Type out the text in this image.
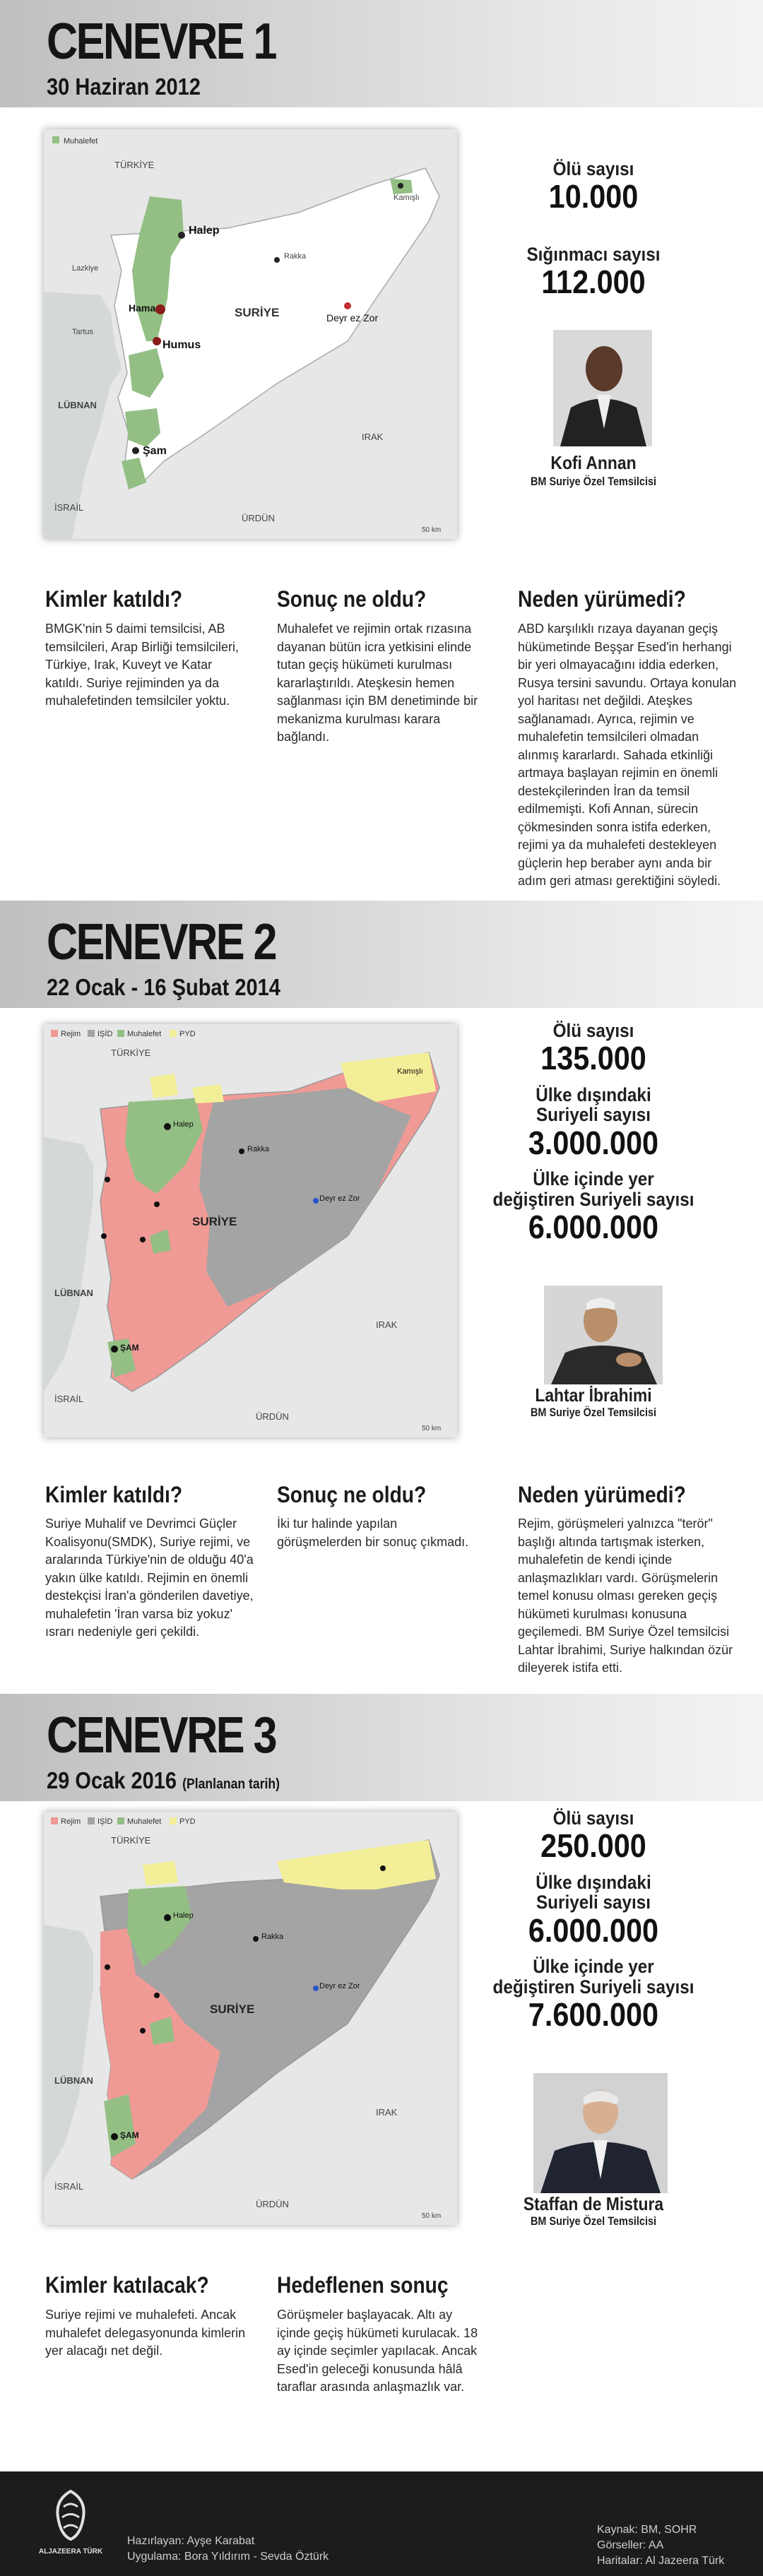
CENEVRE 1
30 Haziran 2012
Muhalefet
TÜRKİYE
SURİYE
LÜBNAN
İSRAİL
IRAK
ÜRDÜN
Halep
Hama
Humus
Şam
Deyr ez Zor
Rakka
Lazkiye
Tartus
Kamışlı
50 km
Ölü sayısı
10.000
Sığınmacı sayısı
112.000
Kofi Annan
BM Suriye Özel Temsilcisi
Kimler katıldı?
BMGK'nin 5 daimi temsilcisi, AB temsilcileri, Arap Birliği temsilcileri, Türkiye, Irak, Kuveyt ve Katar katıldı. Suriye rejiminden ya da muhalefetinden temsilciler yoktu.
Sonuç ne oldu?
Muhalefet ve rejimin ortak rızasına dayanan bütün icra yetkisini elinde tutan geçiş hükümeti kurulması kararlaştırıldı. Ateşkesin hemen sağlanması için BM denetiminde bir mekanizma kurulması karara bağlandı.
Neden yürümedi?
ABD karşılıklı rızaya dayanan geçiş hükümetinde Beşşar Esed'in herhangi bir yeri olmayacağını iddia ederken, Rusya tersini savundu. Ortaya konulan yol haritası net değildi. Ateşkes sağlanamadı. Ayrıca, rejimin ve muhalefetin temsilcileri olmadan alınmış kararlardı. Sahada etkinliği artmaya başlayan rejimin en önemli destekçilerinden İran da temsil edilmemişti. Kofi Annan, sürecin çökmesinden sonra istifa ederken, rejimi ya da muhalefeti destekleyen güçlerin hep beraber aynı anda bir adım geri atması gerektiğini söyledi.
CENEVRE 2
22 Ocak - 16 Şubat 2014
Rejim IŞİD Muhalefet PYD
TÜRKİYE
SURİYE
LÜBNAN
İSRAİL
IRAK
ÜRDÜN
Halep
ŞAM
Rakka
Deyr ez Zor
Kamışlı
50 km
Ölü sayısı
135.000
Ülke dışındaki Suriyeli sayısı
3.000.000
Ülke içinde yer değiştiren Suriyeli sayısı
6.000.000
Lahtar İbrahimi
BM Suriye Özel Temsilcisi
Kimler katıldı?
Suriye Muhalif ve Devrimci Güçler Koalisyonu(SMDK), Suriye rejimi, ve aralarında Türkiye'nin de olduğu 40'a yakın ülke katıldı. Rejimin en önemli destekçisi İran'a gönderilen davetiye, muhalefetin 'İran varsa biz yokuz' ısrarı nedeniyle geri çekildi.
Sonuç ne oldu?
İki tur halinde yapılan görüşmelerden bir sonuç çıkmadı.
Neden yürümedi?
Rejim, görüşmeleri yalnızca "terör" başlığı altında tartışmak isterken, muhalefetin de kendi içinde anlaşmazlıkları vardı. Görüşmelerin temel konusu olması gereken geçiş hükümeti kurulması konusuna geçilemedi. BM Suriye Özel temsilcisi Lahtar İbrahimi, Suriye halkından özür dileyerek istifa etti.
CENEVRE 3
29 Ocak 2016 (Planlanan tarih)
Rejim IŞİD Muhalefet PYD
TÜRKİYE
SURİYE
LÜBNAN
İSRAİL
IRAK
ÜRDÜN
Halep
ŞAM
Rakka
Deyr ez Zor
50 km
Ölü sayısı
250.000
Ülke dışındaki Suriyeli sayısı
6.000.000
Ülke içinde yer değiştiren Suriyeli sayısı
7.600.000
Staffan de Mistura
BM Suriye Özel Temsilcisi
Kimler katılacak?
Suriye rejimi ve muhalefeti. Ancak muhalefet delegasyonunda kimlerin yer alacağı net değil.
Hedeflenen sonuç
Görüşmeler başlayacak. Altı ay içinde geçiş hükümeti kurulacak. 18 ay içinde seçimler yapılacak. Ancak Esed'in geleceği konusunda hâlâ taraflar arasında anlaşmazlık var.
ALJAZEERA TÜRK
Hazırlayan: Ayşe Karabat
Uygulama: Bora Yıldırım - Sevda Öztürk
Kaynak: BM, SOHR
Görseller: AA
Haritalar: Al Jazeera Türk
